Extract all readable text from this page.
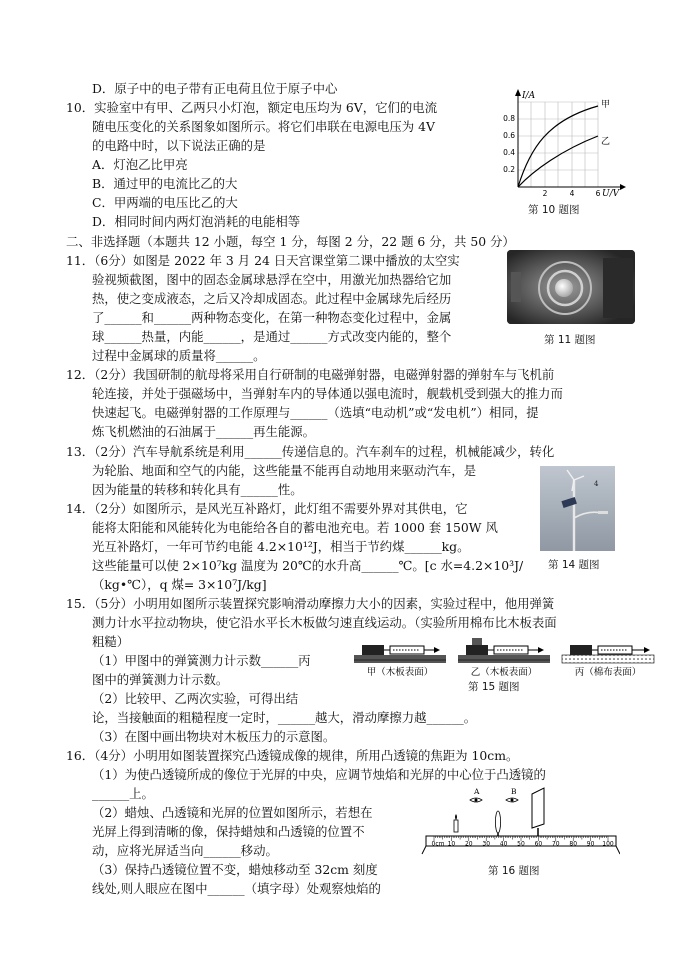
D．原子中的电子带有正电荷且位于原子中心
10．实验室中有甲、乙两只小灯泡，额定电压均为 6V，它们的电流
随电压变化的关系图象如图所示。将它们串联在电源电压为 4V
的电路中时，以下说法正确的是
A．灯泡乙比甲亮
B．通过甲的电流比乙的大
C．甲两端的电压比乙的大
D．相同时间内两灯泡消耗的电能相等
二、非选择题（本题共 12 小题，每空 1 分，每图 2 分，22 题 6 分，共 50 分）
11．（6分）如图是 2022 年 3 月 24 日天宫课堂第二课中播放的太空实
验视频截图，图中的固态金属球悬浮在空中，用激光加热器给它加
热，使之变成液态，之后又冷却成固态。此过程中金属球先后经历
了______和______两种物态变化，在第一种物态变化过程中，金属
球______热量，内能______，是通过______方式改变内能的，整个
过程中金属球的质量将______。
12．（2分）我国研制的航母将采用自行研制的电磁弹射器，电磁弹射器的弹射车与飞机前
轮连接，并处于强磁场中，当弹射车内的导体通以强电流时，舰载机受到强大的推力而
快速起飞。电磁弹射器的工作原理与______（选填“电动机”或“发电机”）相同，提
炼飞机燃油的石油属于______再生能源。
13．（2分）汽车导航系统是利用______传递信息的。汽车刹车的过程，机械能减少，转化
为轮胎、地面和空气的内能，这些能量不能再自动地用来驱动汽车，是
因为能量的转移和转化具有______性。
14．（2分）如图所示，是风光互补路灯，此灯组不需要外界对其供电，它
能将太阳能和风能转化为电能给各自的蓄电池充电。若 1000 套 150W 风
光互补路灯，一年可节约电能 4.2×10¹²J，相当于节约煤______kg。
这些能量可以使 2×10⁷kg 温度为 20℃的水升高______℃。[c 水=4.2×10³J/
（kg•℃），q 煤= 3×10⁷J/kg]
15．（5分）小明用如图所示装置探究影响滑动摩擦力大小的因素，实验过程中，他用弹簧
测力计水平拉动物块，使它沿水平长木板做匀速直线运动。（实验所用棉布比木板表面
粗糙）
（1）甲图中的弹簧测力计示数______丙
图中的弹簧测力计示数。
（2）比较甲、乙两次实验，可得出结
论，当接触面的粗糙程度一定时，______越大，滑动摩擦力越______。
（3）在图中画出物块对木板压力的示意图。
16．（4分）小明用如图装置探究凸透镜成像的规律，所用凸透镜的焦距为 10cm。
（1）为使凸透镜所成的像位于光屏的中央，应调节烛焰和光屏的中心位于凸透镜的
______上。
（2）蜡烛、凸透镜和光屏的位置如图所示，若想在
光屏上得到清晰的像，保持蜡烛和凸透镜的位置不
动，应将光屏适当向______移动。
（3）保持凸透镜位置不变，蜡烛移动至 32cm 刻度
线处,则人眼应在图中______（填字母）处观察烛焰的
I/A
U/V
0.2
0.4
0.6
0.8
2	4	6
甲
乙
第 10 题图
第 11 题图
4
第 14 题图
甲（木板表面）	乙（木板表面）	丙（棉布表面）
第 15 题图
A	B
0cm 10 20 30 40 50 60 70 80 90 100
第 16 题图
